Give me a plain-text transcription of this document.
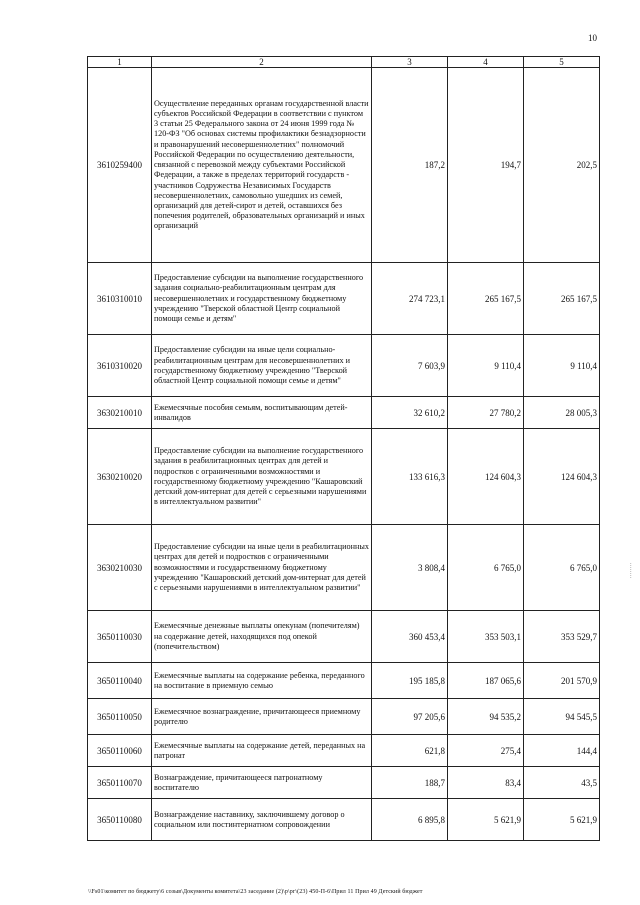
10
1	2	3	4	5
3610259400	Осуществление переданных органам государственной власти субъектов Российской Федерации в соответствии с пунктом 3 статьи 25 Федерального закона от 24 июня 1999 года № 120-ФЗ "Об основах системы профилактики безнадзорности и правонарушений несовершеннолетних" полномочий Российской Федерации по осуществлению деятельности, связанной с перевозкой между субъектами Российской Федерации, а также в пределах территорий государств - участников Содружества Независимых Государств несовершеннолетних, самовольно ушедших из семей, организаций для детей-сирот и детей, оставшихся без попечения родителей, образовательных организаций и иных организаций	187,2	194,7	202,5
3610310010	Предоставление субсидии на выполнение государственного задания социально-реабилитационным центрам для несовершеннолетних и государственному бюджетному учреждению "Тверской областной Центр социальной помощи семье и детям"	274 723,1	265 167,5	265 167,5
3610310020	Предоставление субсидии на иные цели социально-реабилитационным центрам для несовершеннолетних и государственному бюджетному учреждению "Тверской областной Центр социальной помощи семье и детям"	7 603,9	9 110,4	9 110,4
3630210010	Ежемесячные пособия семьям, воспитывающим детей-инвалидов	32 610,2	27 780,2	28 005,3
3630210020	Предоставление субсидии на выполнение государственного задания в реабилитационных центрах для детей и подростков с ограниченными возможностями и государственному бюджетному учреждению "Кашаровский детский дом-интернат для детей с серьезными нарушениями в интеллектуальном развитии"	133 616,3	124 604,3	124 604,3
3630210030	Предоставление субсидии на иные цели в реабилитационных центрах для детей и подростков с ограниченными возможностями и государственному бюджетному учреждению "Кашаровский детский дом-интернат для детей с серьезными нарушениями в интеллектуальном развитии"	3 808,4	6 765,0	6 765,0
3650110030	Ежемесячные денежные выплаты опекунам (попечителям) на содержание детей, находящихся под опекой (попечительством)	360 453,4	353 503,1	353 529,7
3650110040	Ежемесячные выплаты на содержание ребенка, переданного на воспитание в приемную семью	195 185,8	187 065,6	201 570,9
3650110050	Ежемесячное вознаграждение, причитающееся приемному родителю	97 205,6	94 535,2	94 545,5
3650110060	Ежемесячные выплаты на содержание детей, переданных на патронат	621,8	275,4	144,4
3650110070	Вознаграждение, причитающееся патронатному воспитателю	188,7	83,4	43,5
3650110080	Вознаграждение наставнику, заключившему договор о социальном или постинтернатном сопровождении	6 895,8	5 621,9	5 621,9
:
:
:
:
\\Fs01\комитет по бюджету\6 созыв\Документы комитета\23 заседание (2)\р\рг\(23) 450-П-6\Прил 11 Прил 49 Детский бюджет
